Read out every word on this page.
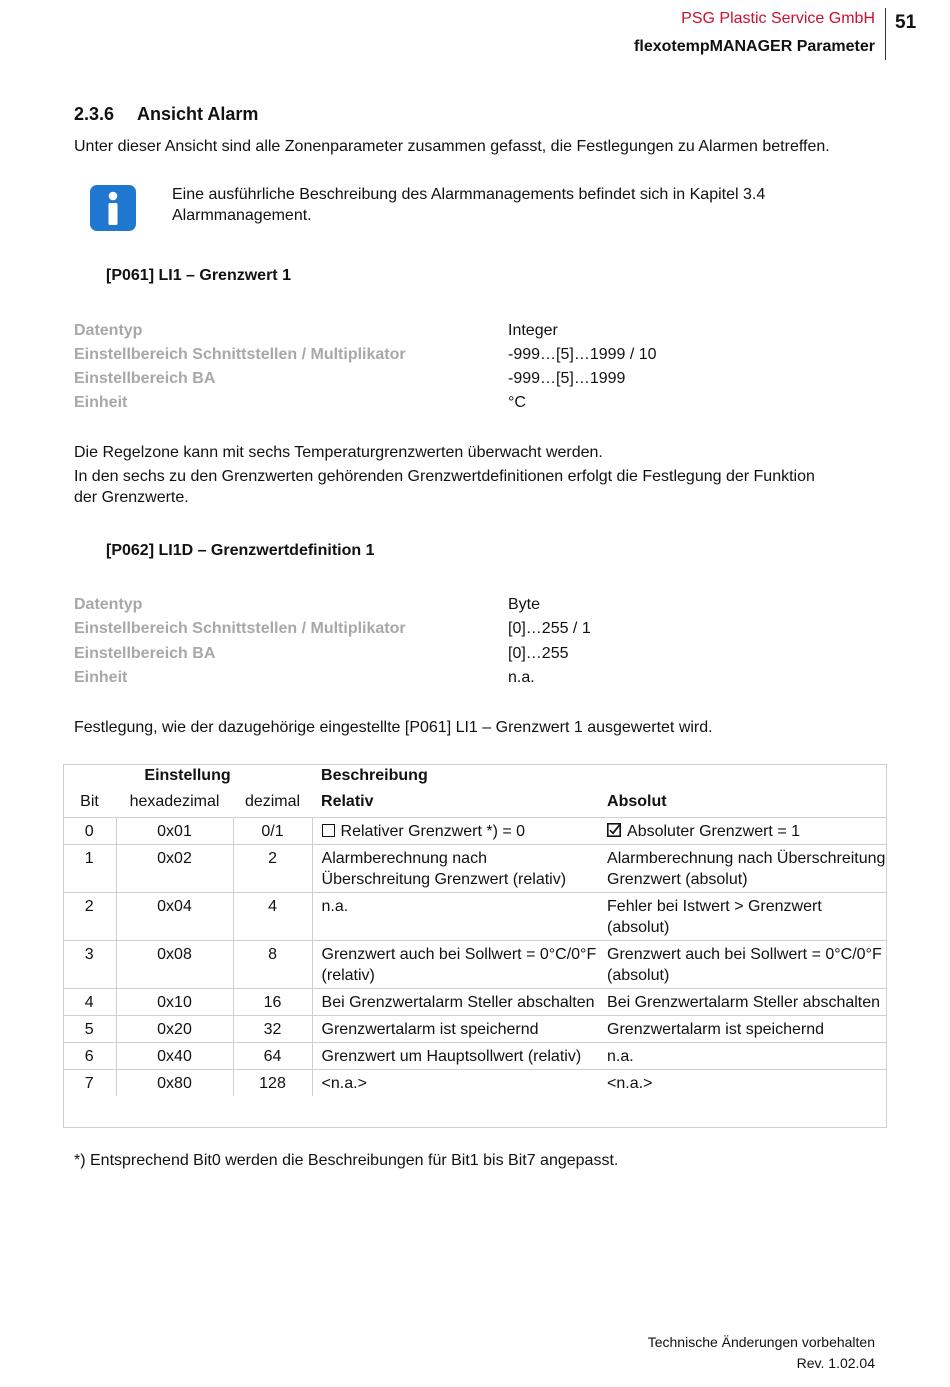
PSG Plastic Service GmbH
flexotempMANAGER Parameter
51
2.3.6 Ansicht Alarm
Unter dieser Ansicht sind alle Zonenparameter zusammen gefasst, die Festlegungen zu Alarmen betreffen.
Eine ausführliche Beschreibung des Alarmmanagements befindet sich in Kapitel 3.4
Alarmmanagement.
[P061] LI1 – Grenzwert 1
Datentyp	Integer
Einstellbereich Schnittstellen / Multiplikator	-999…[5]…1999 / 10
Einstellbereich BA	-999…[5]…1999
Einheit	°C
Die Regelzone kann mit sechs Temperaturgrenzwerten überwacht werden.
In den sechs zu den Grenzwerten gehörenden Grenzwertdefinitionen erfolgt die Festlegung der Funktion
der Grenzwerte.
[P062] LI1D – Grenzwertdefinition 1
Datentyp	Byte
Einstellbereich Schnittstellen / Multiplikator	[0]…255 / 1
Einstellbereich BA	[0]…255
Einheit	n.a.
Festlegung, wie der dazugehörige eingestellte [P061] LI1 – Grenzwert 1 ausgewertet wird.
Einstellung			Beschreibung	
Bit	hexadezimal	dezimal	Relativ	Absolut
0	0x01	0/1	Relativer Grenzwert *) = 0	Absoluter Grenzwert = 1
1	0x02	2	Alarmberechnung nach Überschreitung Grenzwert (relativ)	Alarmberechnung nach Überschreitung Grenzwert (absolut)
2	0x04	4	n.a.	Fehler bei Istwert > Grenzwert (absolut)
3	0x08	8	Grenzwert auch bei Sollwert = 0°C/0°F (relativ)	Grenzwert auch bei Sollwert = 0°C/0°F (absolut)
4	0x10	16	Bei Grenzwertalarm Steller abschalten	Bei Grenzwertalarm Steller abschalten
5	0x20	32	Grenzwertalarm ist speichernd	Grenzwertalarm ist speichernd
6	0x40	64	Grenzwert um Hauptsollwert (relativ)	n.a.
7	0x80	128	<n.a.>	<n.a.>
*) Entsprechend Bit0 werden die Beschreibungen für Bit1 bis Bit7 angepasst.
Technische Änderungen vorbehalten
Rev. 1.02.04
